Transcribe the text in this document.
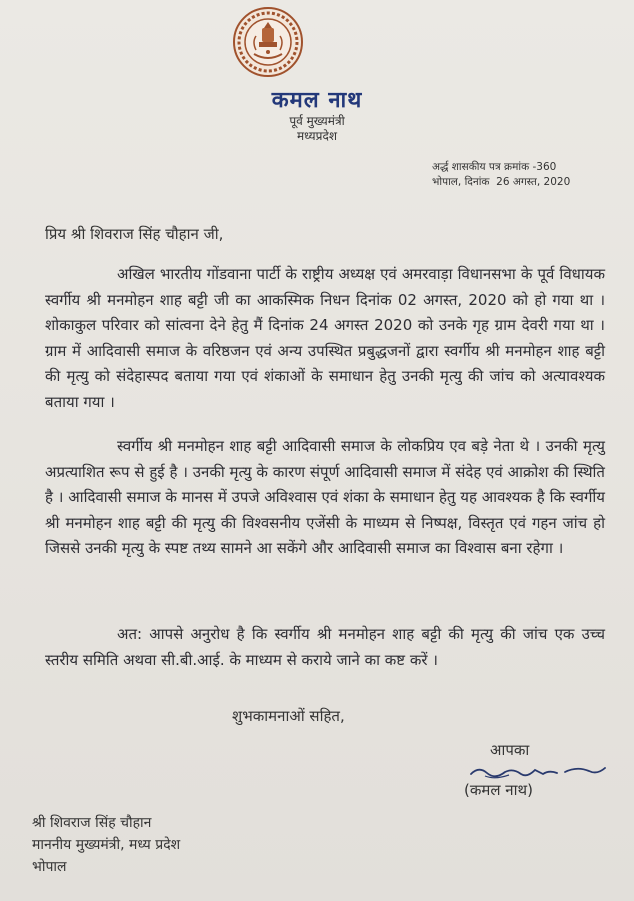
कमल नाथ
पूर्व मुख्यमंत्री
मध्यप्रदेश
अर्द्ध शासकीय पत्र क्रमांक -360
भोपाल, दिनांक  26 अगस्त, 2020
प्रिय श्री शिवराज सिंह चौहान जी,

अखिल भारतीय गोंडवाना पार्टी के राष्ट्रीय अध्यक्ष एवं अमरवाड़ा विधानसभा के पूर्व विधायक स्वर्गीय श्री मनमोहन शाह बट्टी जी का आकस्मिक निधन दिनांक 02 अगस्त, 2020 को हो गया था । शोकाकुल परिवार को सांत्वना देने हेतु मैं दिनांक 24 अगस्त 2020 को उनके गृह ग्राम देवरी गया था । ग्राम में आदिवासी समाज के वरिष्ठजन एवं अन्य उपस्थित प्रबुद्धजनों द्वारा स्वर्गीय श्री मनमोहन शाह बट्टी की मृत्यु को संदेहास्पद बताया गया एवं शंकाओं के समाधान हेतु उनकी मृत्यु की जांच को अत्यावश्यक बताया गया ।

स्वर्गीय श्री मनमोहन शाह बट्टी आदिवासी समाज के लोकप्रिय एव बड़े नेता थे । उनकी मृत्यु अप्रत्याशित रूप से हुई है । उनकी मृत्यु के कारण संपूर्ण आदिवासी समाज में संदेह एवं आक्रोश की स्थिति है । आदिवासी समाज के मानस में उपजे अविश्वास एवं शंका के समाधान हेतु यह आवश्यक है कि स्वर्गीय श्री मनमोहन शाह बट्टी की मृत्यु की विश्वसनीय एजेंसी के माध्यम से निष्पक्ष, विस्तृत एवं गहन जांच हो जिससे उनकी मृत्यु के स्पष्ट तथ्य सामने आ सकेंगे और आदिवासी समाज का विश्वास बना रहेगा ।

अत: आपसे अनुरोध है कि स्वर्गीय श्री मनमोहन शाह बट्टी की मृत्यु की जांच एक उच्च स्तरीय समिति अथवा सी.बी.आई. के माध्यम से कराये जाने का कष्ट करें ।

शुभकामनाओं सहित,
आपका
(कमल नाथ)
श्री शिवराज सिंह चौहान
माननीय मुख्यमंत्री, मध्य प्रदेश
भोपाल
